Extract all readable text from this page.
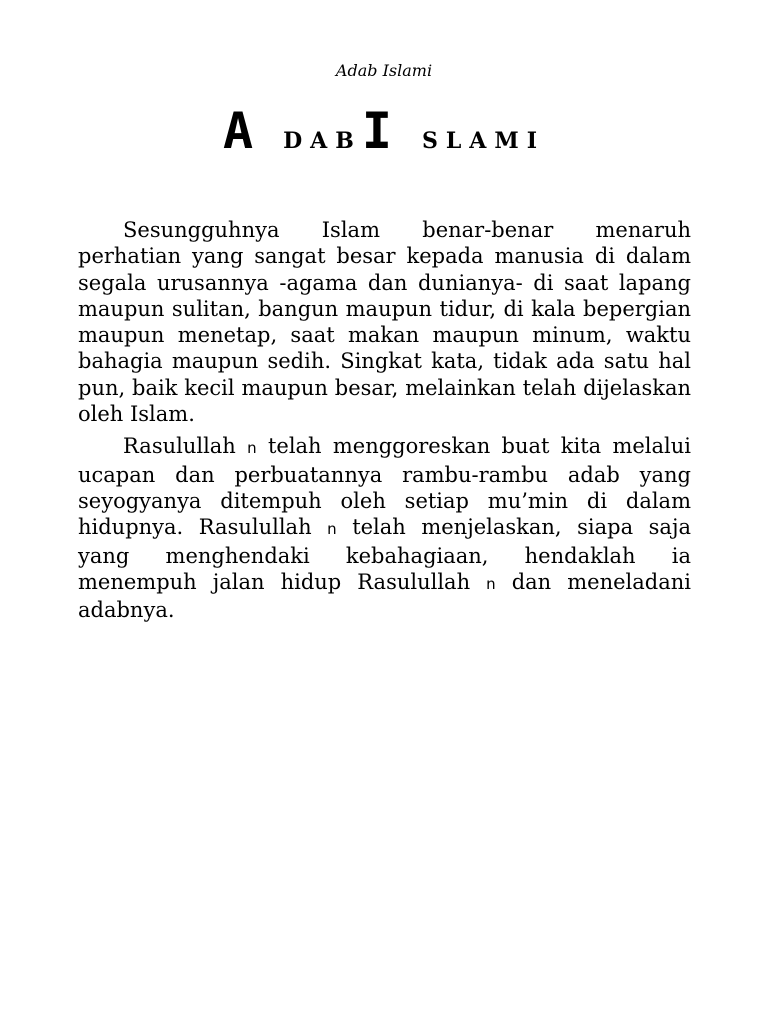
Adab Islami
A DABI SLAMI

Sesungguhnya Islam benar-benar menaruh perhatian yang sangat besar kepada manusia di dalam segala urusannya -agama dan dunianya- di saat lapang maupun sulitan, bangun maupun tidur, di kala bepergian maupun menetap, saat makan maupun minum, waktu bahagia maupun sedih. Singkat kata, tidak ada satu hal pun, baik kecil maupun besar, melainkan telah dijelaskan oleh Islam.

Rasulullah n telah menggoreskan buat kita melalui ucapan dan perbuatannya rambu-rambu adab yang seyogyanya ditempuh oleh setiap mu’min di dalam hidupnya. Rasulullah n telah menjelaskan, siapa saja yang menghendaki kebahagiaan, hendaklah ia menempuh jalan hidup Rasulullah n dan meneladani adabnya.
